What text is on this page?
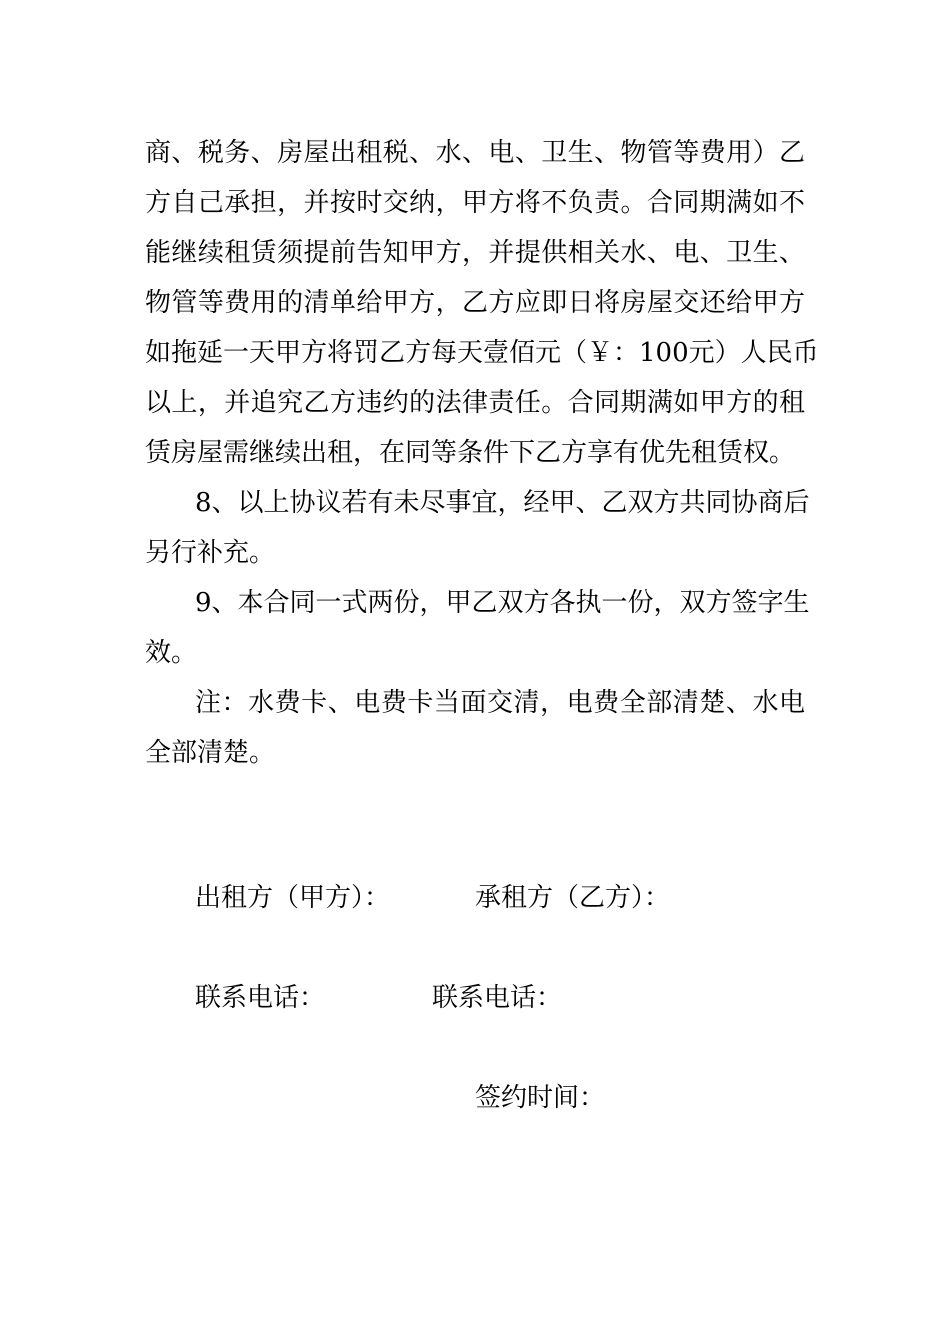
商、税务、房屋出租税、水、电、卫生、物管等费用）乙
方自己承担，并按时交纳，甲方将不负责。合同期满如不
能继续租赁须提前告知甲方，并提供相关水、电、卫生、
物管等费用的清单给甲方，乙方应即日将房屋交还给甲方
如拖延一天甲方将罚乙方每天壹佰元（￥：100元）人民币
以上，并追究乙方违约的法律责任。合同期满如甲方的租
赁房屋需继续出租，在同等条件下乙方享有优先租赁权。
8、以上协议若有未尽事宜，经甲、乙双方共同协商后
另行补充。
9、本合同一式两份，甲乙双方各执一份，双方签字生
效。
注：水费卡、电费卡当面交清，电费全部清楚、水电
全部清楚。
出租方（甲方）：	承租方（乙方）：
联系电话：	联系电话：
签约时间：
